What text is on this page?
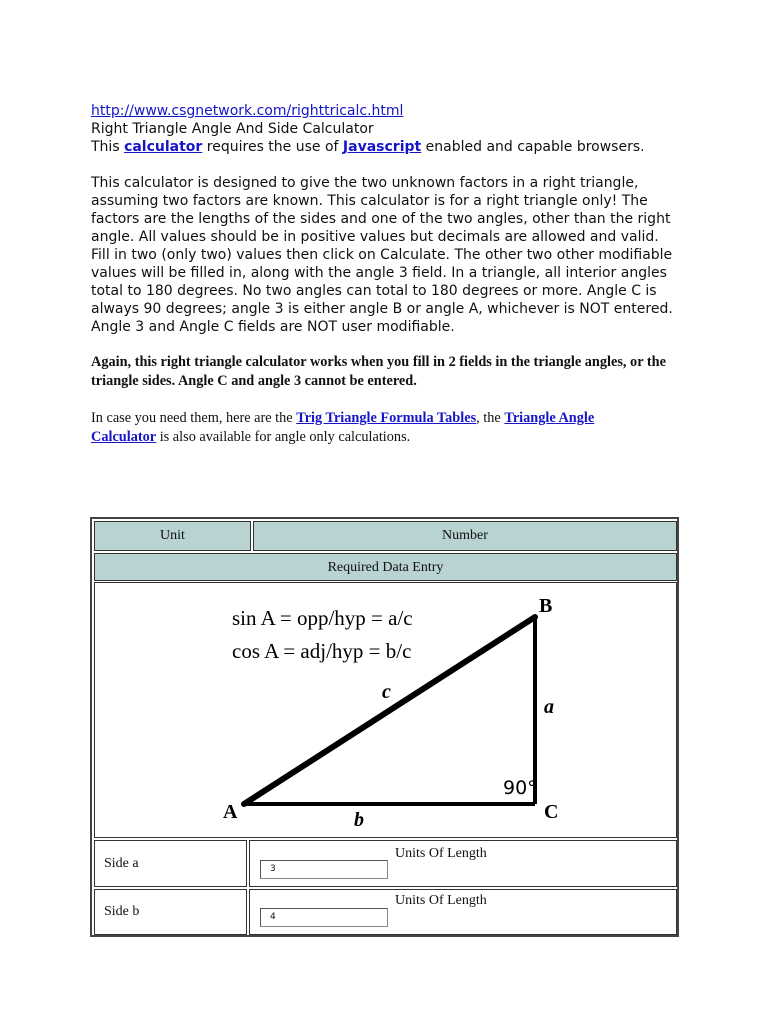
http://www.csgnetwork.com/righttricalc.html

Right Triangle Angle And Side Calculator

This calculator requires the use of Javascript enabled and capable browsers.

This calculator is designed to give the two unknown factors in a right triangle, assuming two factors are known. This calculator is for a right triangle only! The factors are the lengths of the sides and one of the two angles, other than the right angle. All values should be in positive values but decimals are allowed and valid. Fill in two (only two) values then click on Calculate. The other two other modifiable values will be filled in, along with the angle 3 field. In a triangle, all interior angles total to 180 degrees. No two angles can total to 180 degrees or more. Angle C is always 90 degrees; angle 3 is either angle B or angle A, whichever is NOT entered. Angle 3 and Angle C fields are NOT user modifiable.
Again, this right triangle calculator works when you fill in 2 fields in the triangle angles, or the triangle sides. Angle C and angle 3 cannot be entered.
In case you need them, here are the Trig Triangle Formula Tables, the Triangle Angle Calculator is also available for angle only calculations.
Unit	Number
Required Data Entry
sin A = opp/hyp = a/c
cos A = adj/hyp = b/c
90°
A
B
C
a
b
c
Side a	3
Units Of Length
Side b	4
Units Of Length
